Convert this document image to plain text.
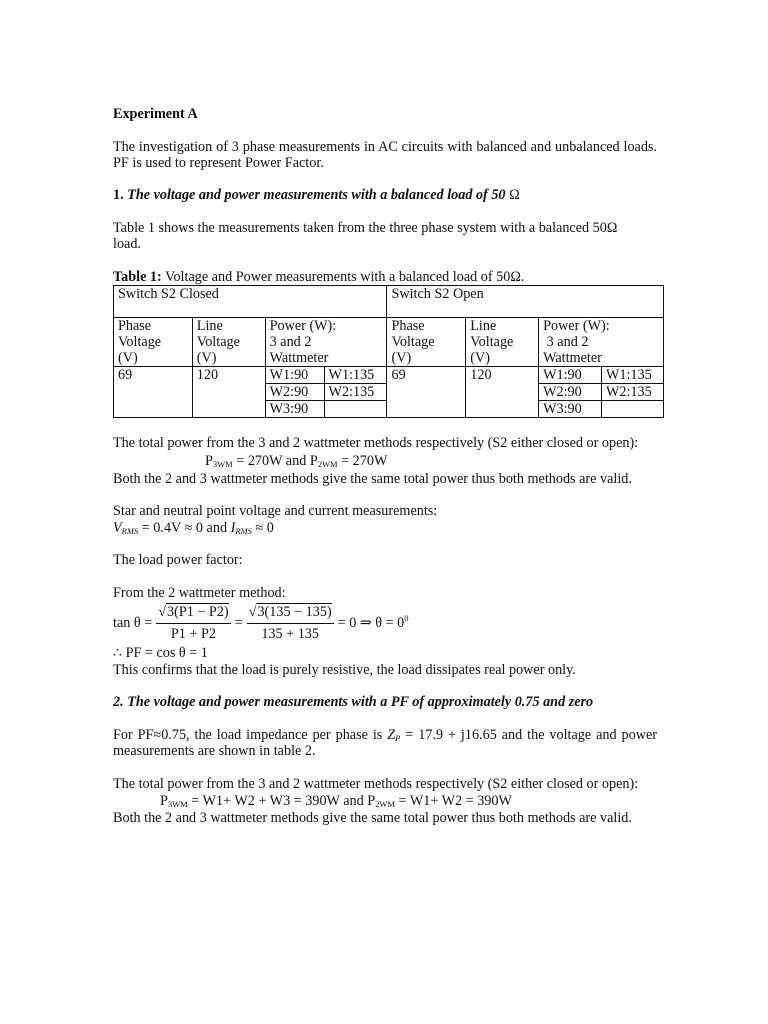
Experiment A

The investigation of 3 phase measurements in AC circuits with balanced and unbalanced loads. PF is used to represent Power Factor.

1. The voltage and power measurements with a balanced load of 50 Ω

Table 1 shows the measurements taken from the three phase system with a balanced 50Ω
load.

Table 1: Voltage and Power measurements with a balanced load of 50Ω.

Switch S2 Closed				Switch S2 Open			
Phase
Voltage
(V)	Line
Voltage
(V)	Power (W):
3 and 2
Wattmeter		Phase
Voltage
(V)	Line
Voltage
(V)	Power (W):
3 and 2
Wattmeter	
69	120	W1:90	W1:135	69	120	W1:90	W1:135
		W2:90	W2:135			W2:90	W2:135
		W3:90				W3:90	

The total power from the 3 and 2 wattmeter methods respectively (S2 either closed or open):

$P_{3WM} = 270W$ and $P_{2WM} = 270W$

Both the 2 and 3 wattmeter methods give the same total power thus both methods are valid.

Star and neutral point voltage and current measurements:

$V_{RMS} = 0.4V \approx 0$ and $I_{RMS} \approx 0$

The load power factor:

From the 2 wattmeter method:

$\tan \theta = \frac{√3(P1 - P2)}{P1 + P2} = \frac{√3(135 - 135)}{135 + 135} = 0$ ⇒ $\theta = 0^0$

∴ PF = cos θ = 1

This confirms that the load is purely resistive, the load dissipates real power only.

2. The voltage and power measurements with a PF of approximately 0.75 and zero

For PF≈0.75, the load impedance per phase is $Z_P = 17.9 + j16.65$ and the voltage and power measurements are shown in table 2.

The total power from the 3 and 2 wattmeter methods respectively (S2 either closed or open):

$P_{3WM} = W1+ W2 + W3 = 390W$ and $P_{2WM} = W1+ W2 = 390W$

Both the 2 and 3 wattmeter methods give the same total power thus both methods are valid.
